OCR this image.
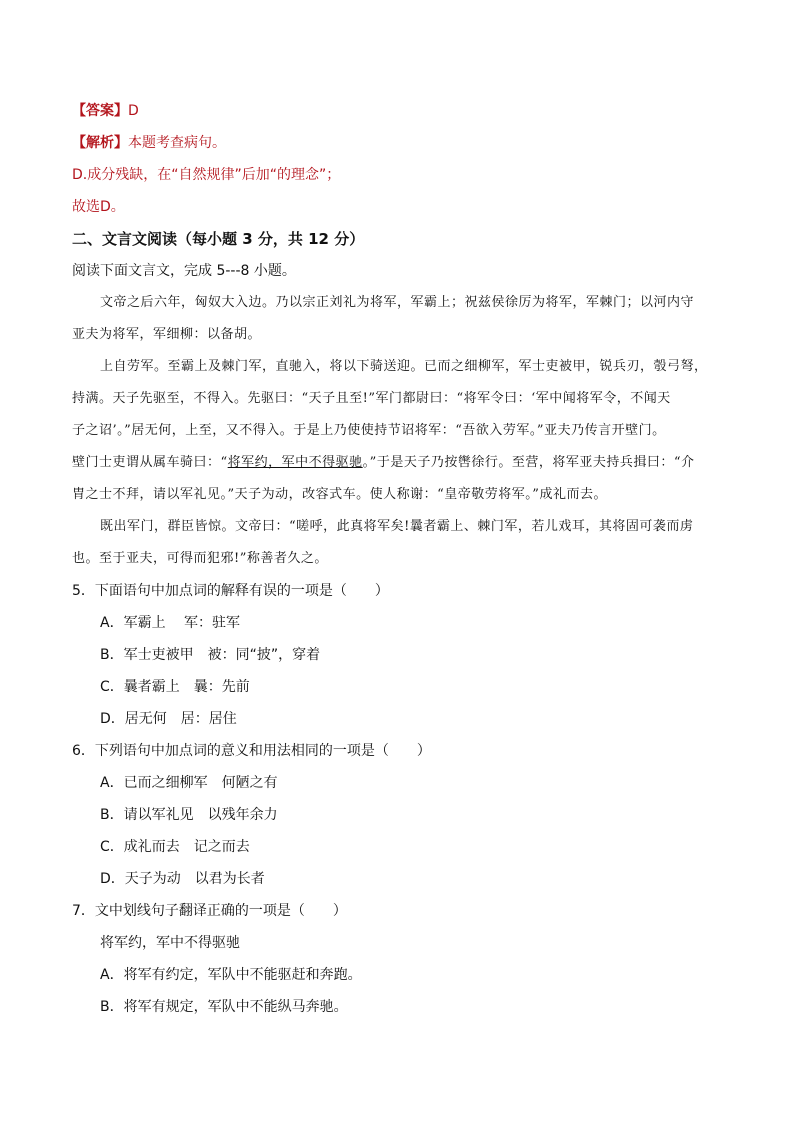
【答案】D
【解析】本题考查病句。
D.成分残缺，在“自然规律”后加“的理念”；
故选D。
二、文言文阅读（每小题 3 分，共 12 分）
阅读下面文言文，完成 5---8 小题。
文帝之后六年，匈奴大入边。乃以宗正刘礼为将军，军霸上；祝兹侯徐厉为将军，军棘门；以河内守
亚夫为将军，军细柳：以备胡。
上自劳军。至霸上及棘门军，直驰入，将以下骑送迎。已而之细柳军，军士吏被甲，锐兵刃，彀弓弩，
持满。天子先驱至，不得入。先驱曰：“天子且至!”军门都尉曰：“将军令曰：‘军中闻将军令，不闻天
子之诏’。”居无何，上至，又不得入。于是上乃使使持节诏将军：“吾欲入劳军。”亚夫乃传言开壁门。
壁门士吏谓从属车骑曰：“将军约，军中不得驱驰。”于是天子乃按辔徐行。至营，将军亚夫持兵揖曰：“介
胄之士不拜，请以军礼见。”天子为动，改容式车。使人称谢：“皇帝敬劳将军。”成礼而去。
既出军门，群臣皆惊。文帝曰：“嗟呼，此真将军矣!曩者霸上、棘门军，若儿戏耳，其将固可袭而虏
也。至于亚夫，可得而犯邪!”称善者久之。
5．下面语句中加点词的解释有误的一项是（　　）
A．军霸上　 军：驻军
B．军士吏被甲　被：同“披”，穿着
C．曩者霸上　曩：先前
D．居无何　居：居住
6．下列语句中加点词的意义和用法相同的一项是（　　）
A．已而之细柳军　何陋之有
B．请以军礼见　以残年余力
C．成礼而去　记之而去
D．天子为动　以君为长者
7．文中划线句子翻译正确的一项是（　　）
将军约，军中不得驱驰
A．将军有约定，军队中不能驱赶和奔跑。
B．将军有规定，军队中不能纵马奔驰。
